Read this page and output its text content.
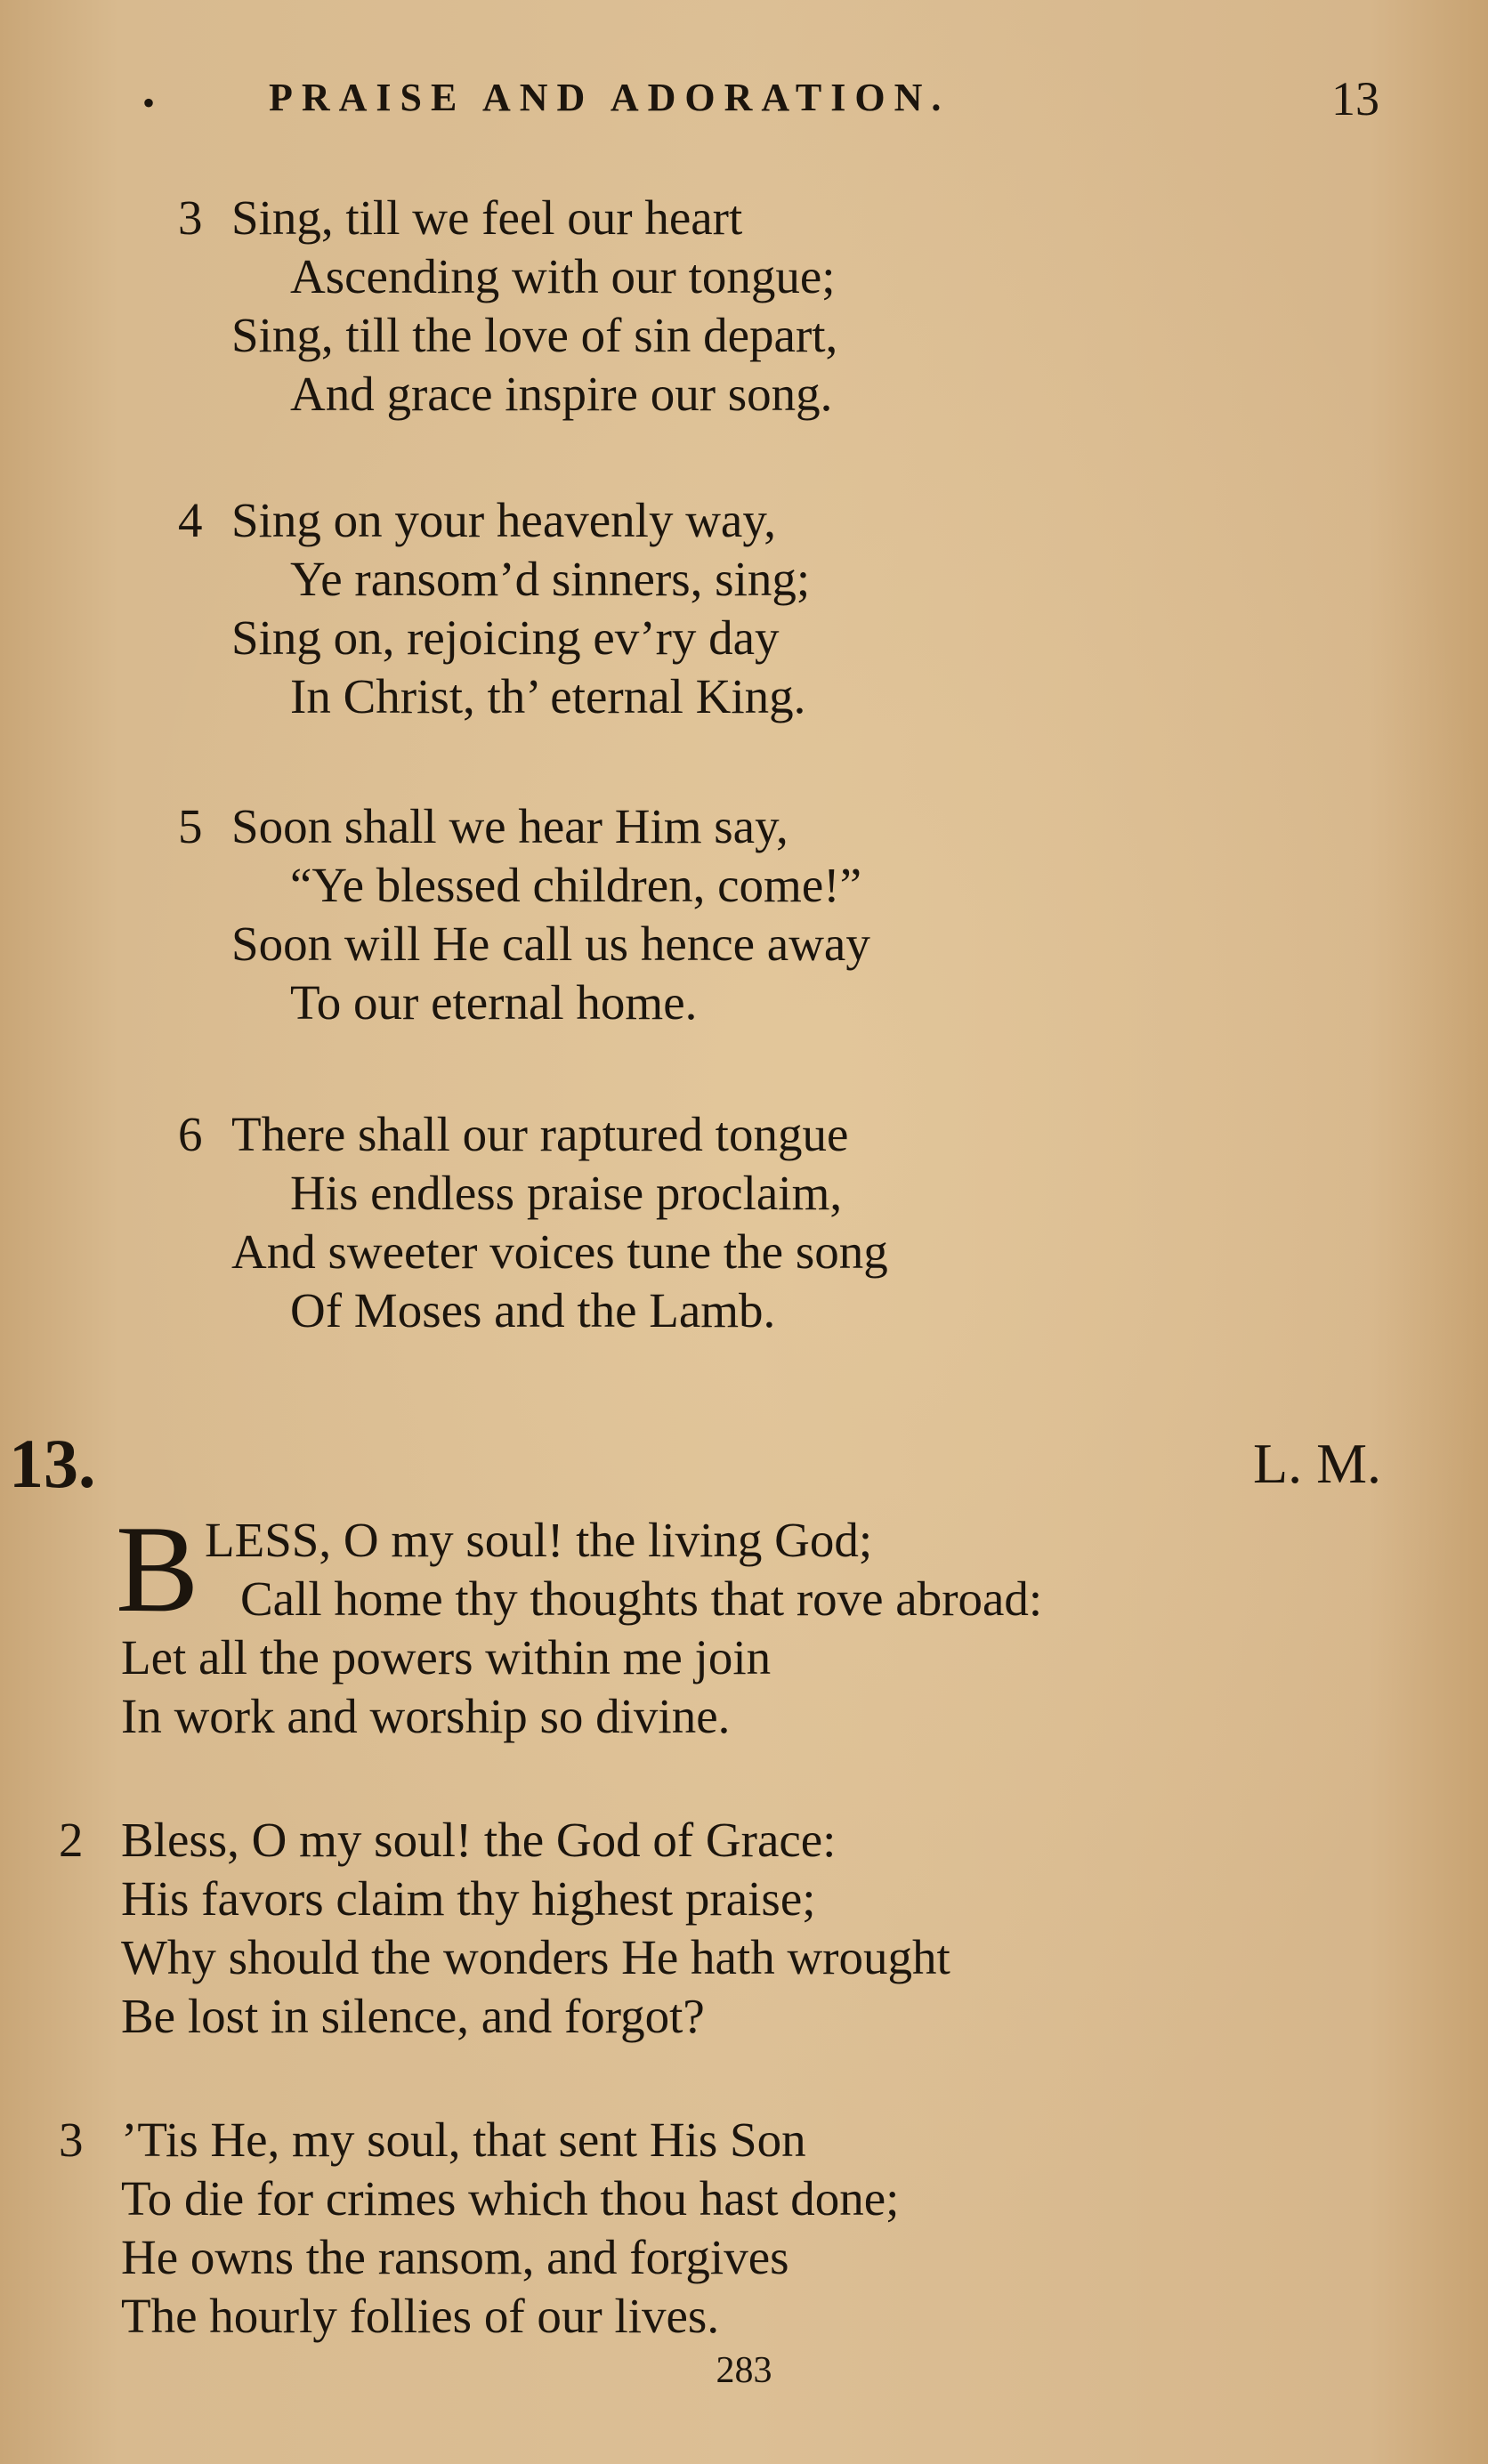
•	PRAISE AND ADORATION.	13
3 Sing, till we feel our heart
Ascending with our tongue;
Sing, till the love of sin depart,
And grace inspire our song.
4 Sing on your heavenly way,
Ye ransom’d sinners, sing;
Sing on, rejoicing ev’ry day
In Christ, th’ eternal King.
5 Soon shall we hear Him say,
“Ye blessed children, come!”
Soon will He call us hence away
To our eternal home.
6 There shall our raptured tongue
His endless praise proclaim,
And sweeter voices tune the song
Of Moses and the Lamb.
13.	L. M.
B LESS, O my soul! the living God;
Call home thy thoughts that rove abroad:
Let all the powers within me join
In work and worship so divine.
2 Bless, O my soul! the God of Grace:
His favors claim thy highest praise;
Why should the wonders He hath wrought
Be lost in silence, and forgot?
3 ’Tis He, my soul, that sent His Son
To die for crimes which thou hast done;
He owns the ransom, and forgives
The hourly follies of our lives.
283
